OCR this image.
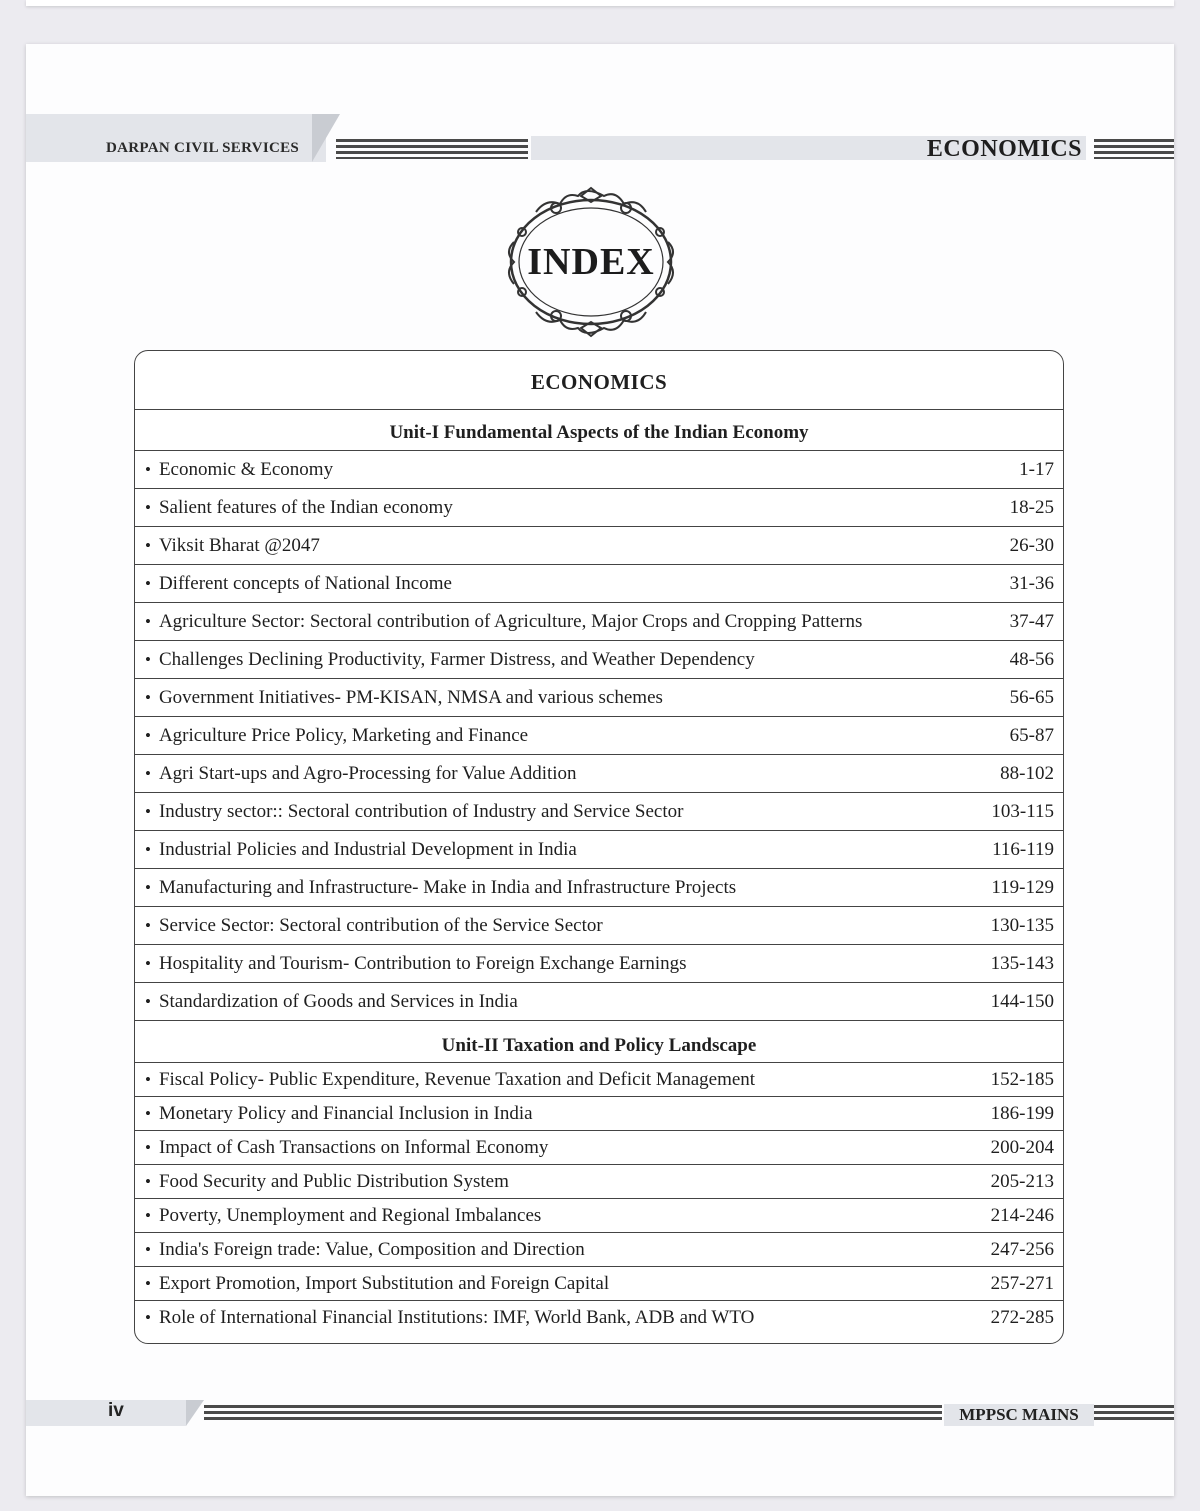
DARPAN CIVIL SERVICES	ECONOMICS
INDEX
ECONOMICS
Unit-I Fundamental Aspects of the Indian Economy
• Economic & Economy	1-17
• Salient features of the Indian economy	18-25
• Viksit Bharat @2047	26-30
• Different concepts of National Income	31-36
• Agriculture Sector: Sectoral contribution of Agriculture, Major Crops and Cropping Patterns	37-47
• Challenges Declining Productivity, Farmer Distress, and Weather Dependency	48-56
• Government Initiatives- PM-KISAN, NMSA and various schemes	56-65
• Agriculture Price Policy, Marketing and Finance	65-87
• Agri Start-ups and Agro-Processing for Value Addition	88-102
• Industry sector:: Sectoral contribution of Industry and Service Sector	103-115
• Industrial Policies and Industrial Development in India	116-119
• Manufacturing and Infrastructure- Make in India and Infrastructure Projects	119-129
• Service Sector: Sectoral contribution of the Service Sector	130-135
• Hospitality and Tourism- Contribution to Foreign Exchange Earnings	135-143
• Standardization of Goods and Services in India	144-150
Unit-II Taxation and Policy Landscape
• Fiscal Policy- Public Expenditure, Revenue Taxation and Deficit Management	152-185
• Monetary Policy and Financial Inclusion in India	186-199
• Impact of Cash Transactions on Informal Economy	200-204
• Food Security and Public Distribution System	205-213
• Poverty, Unemployment and Regional Imbalances	214-246
• India's Foreign trade: Value, Composition and Direction	247-256
• Export Promotion, Import Substitution and Foreign Capital	257-271
• Role of International Financial Institutions: IMF, World Bank, ADB and WTO	272-285
iv	MPPSC MAINS
